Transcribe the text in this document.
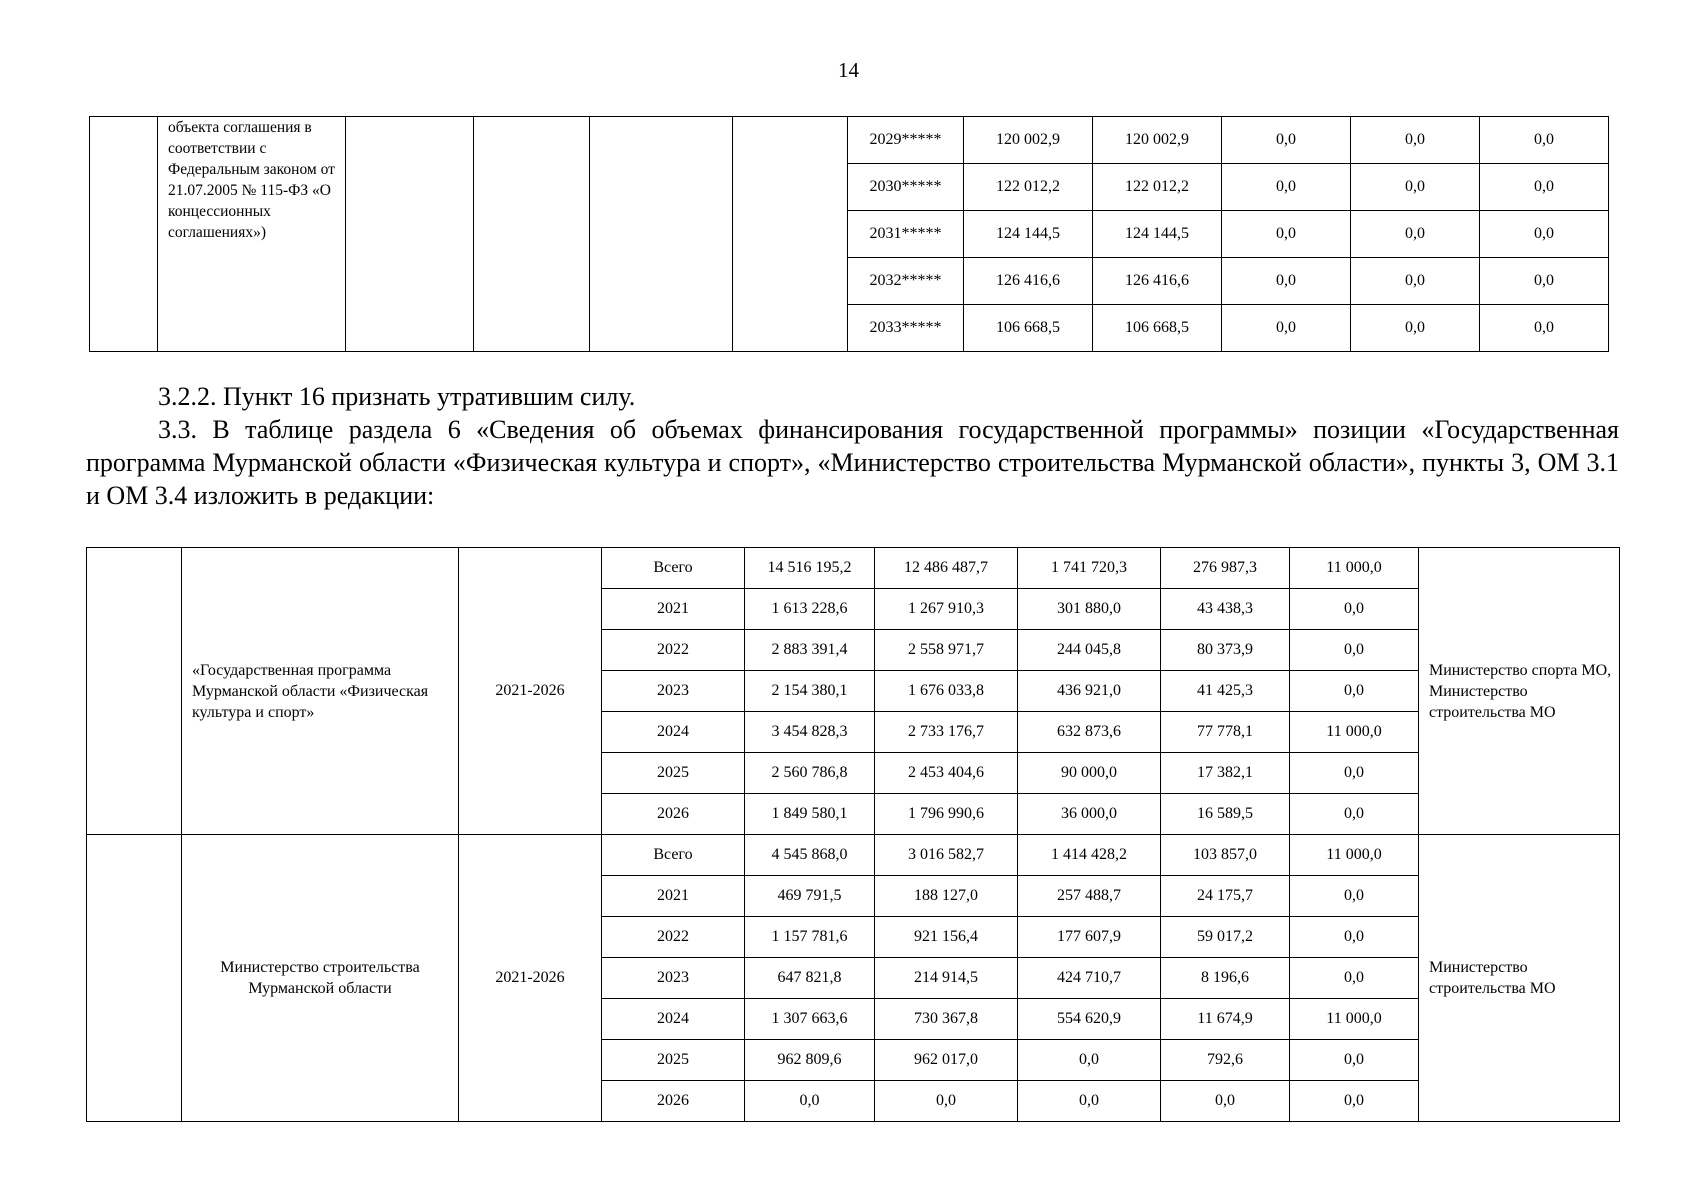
14
	объекта соглашения в соответствии с Федеральным законом от 21.07.2005 № 115-ФЗ «О концессионных соглашениях»)					2029*****	120 002,9	120 002,9	0,0	0,0	0,0
						2030*****	122 012,2	122 012,2	0,0	0,0	0,0
						2031*****	124 144,5	124 144,5	0,0	0,0	0,0
						2032*****	126 416,6	126 416,6	0,0	0,0	0,0
						2033*****	106 668,5	106 668,5	0,0	0,0	0,0

3.2.2. Пункт 16 признать утратившим силу.

3.3. В таблице раздела 6 «Сведения об объемах финансирования государственной программы» позиции «Государственная программа Мурманской области «Физическая культура и спорт», «Министерство строительства Мурманской области», пункты 3, ОМ 3.1 и ОМ 3.4 изложить в редакции:

	«Государственная программа Мурманской области «Физическая культура и спорт»	2021-2026	Всего	14 516 195,2	12 486 487,7	1 741 720,3	276 987,3	11 000,0	Министерство спорта МО, Министерство строительства МО
			2021	1 613 228,6	1 267 910,3	301 880,0	43 438,3	0,0	
			2022	2 883 391,4	2 558 971,7	244 045,8	80 373,9	0,0	
			2023	2 154 380,1	1 676 033,8	436 921,0	41 425,3	0,0	
			2024	3 454 828,3	2 733 176,7	632 873,6	77 778,1	11 000,0	
			2025	2 560 786,8	2 453 404,6	90 000,0	17 382,1	0,0	
			2026	1 849 580,1	1 796 990,6	36 000,0	16 589,5	0,0	
	Министерство строительства Мурманской области	2021-2026	Всего	4 545 868,0	3 016 582,7	1 414 428,2	103 857,0	11 000,0	Министерство строительства МО
			2021	469 791,5	188 127,0	257 488,7	24 175,7	0,0	
			2022	1 157 781,6	921 156,4	177 607,9	59 017,2	0,0	
			2023	647 821,8	214 914,5	424 710,7	8 196,6	0,0	
			2024	1 307 663,6	730 367,8	554 620,9	11 674,9	11 000,0	
			2025	962 809,6	962 017,0	0,0	792,6	0,0	
			2026	0,0	0,0	0,0	0,0	0,0	
